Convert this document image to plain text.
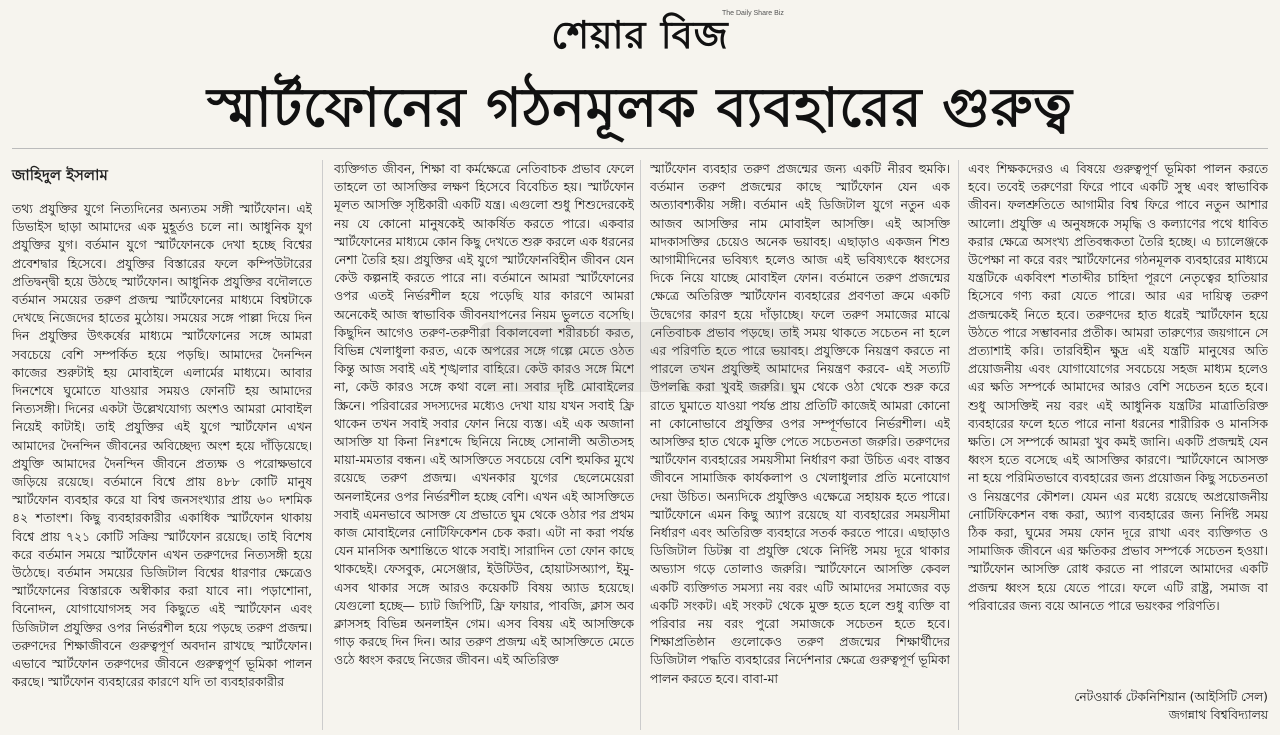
শেয়ার বিজ
The Daily Share Biz
স্মার্টফোনের গঠনমূলক ব্যবহারের গুরুত্ব
জাহিদুল ইসলাম
তথ্য প্রযুক্তির যুগে নিত্যদিনের অন্যতম সঙ্গী স্মার্টফোন। এই ডিভাইস ছাড়া আমাদের এক মুহূর্তও চলে না। আধুনিক যুগ প্রযুক্তির যুগ। বর্তমান যুগে স্মার্টফোনকে দেখা হচ্ছে বিশ্বের প্রবেশদ্বার হিসেবে। প্রযুক্তির বিস্তারের ফলে কম্পিউটারের প্রতিদ্বন্দ্বী হয়ে উঠছে স্মার্টফোন। আধুনিক প্রযুক্তির বদৌলতে বর্তমান সময়ের তরুণ প্রজন্ম স্মার্টফোনের মাধ্যমে বিশ্বটাকে দেখছে নিজেদের হাতের মুঠোয়। সময়ের সঙ্গে পাল্লা দিয়ে দিন দিন প্রযুক্তির উৎকর্ষের মাধ্যমে স্মার্টফোনের সঙ্গে আমরা সবচেয়ে বেশি সম্পর্কিত হয়ে পড়ছি। আমাদের দৈনন্দিন কাজের শুরুটাই হয় মোবাইলে এলার্মের মাধ্যমে। আবার দিনশেষে ঘুমোতে যাওয়ার সময়ও ফোনটি হয় আমাদের নিত্যসঙ্গী। দিনের একটা উল্লেখযোগ্য অংশও আমরা মোবাইল নিয়েই কাটাই। তাই প্রযুক্তির এই যুগে স্মার্টফোন এখন আমাদের দৈনন্দিন জীবনের অবিচ্ছেদ্য অংশ হয়ে দাঁড়িয়েছে। প্রযুক্তি আমাদের দৈনন্দিন জীবনে প্রত্যক্ষ ও পরোক্ষভাবে জড়িয়ে রয়েছে। বর্তমানে বিশ্বে প্রায় ৪৮৮ কোটি মানুষ স্মার্টফোন ব্যবহার করে যা বিশ্ব জনসংখ্যার প্রায় ৬০ দশমিক ৪২ শতাংশ। কিছু ব্যবহারকারীর একাধিক স্মার্টফোন থাকায় বিশ্বে প্রায় ৭২১ কোটি সক্রিয় স্মার্টফোন রয়েছে। তাই বিশেষ করে বর্তমান সময়ে স্মার্টফোন এখন তরুণদের নিত্যসঙ্গী হয়ে উঠেছে। বর্তমান সময়ের ডিজিটাল বিশ্বের ধারণার ক্ষেত্রেও স্মার্টফোনের বিস্তারকে অস্বীকার করা যাবে না। পড়াশোনা, বিনোদন, যোগাযোগসহ সব কিছুতে এই স্মার্টফোন এবং ডিজিটাল প্রযুক্তির ওপর নির্ভরশীল হয়ে পড়ছে তরুণ প্রজন্ম। তরুণদের শিক্ষাজীবনে গুরুত্বপূর্ণ অবদান রাখছে স্মার্টফোন। এভাবে স্মার্টফোন তরুণদের জীবনে গুরুত্বপূর্ণ ভূমিকা পালন করছে। স্মার্টফোন ব্যবহারের কারণে যদি তা ব্যবহারকারীর
ব্যক্তিগত জীবন, শিক্ষা বা কর্মক্ষেত্রে নেতিবাচক প্রভাব ফেলে তাহলে তা আসক্তির লক্ষণ হিসেবে বিবেচিত হয়। স্মার্টফোন মূলত আসক্তি সৃষ্টিকারী একটি যন্ত্র। এগুলো শুধু শিশুদেরকেই নয় যে কোনো মানুষকেই আকর্ষিত করতে পারে। একবার স্মার্টফোনের মাধ্যমে কোন কিছু দেখতে শুরু করলে এক ধরনের নেশা তৈরি হয়। প্রযুক্তির এই যুগে স্মার্টফোনবিহীন জীবন যেন কেউ কল্পনাই করতে পারে না। বর্তমানে আমরা স্মার্টফোনের ওপর এতই নির্ভরশীল হয়ে পড়েছি যার কারণে আমরা অনেকেই আজ স্বাভাবিক জীবনযাপনের নিয়ম ভুলতে বসেছি। কিছুদিন আগেও তরুণ-তরুণীরা বিকালবেলা শরীরচর্চা করত, বিভিন্ন খেলাধুলা করত, একে অপরের সঙ্গে গল্পে মেতে ওঠত কিন্তু আজ সবাই এই শৃঙ্খলার বাহিরে। কেউ কারও সঙ্গে মিশে না, কেউ কারও সঙ্গে কথা বলে না। সবার দৃষ্টি মোবাইলের স্ক্রিনে। পরিবারের সদস্যদের মধ্যেও দেখা যায় যখন সবাই ফ্রি থাকেন তখন সবাই সবার ফোন নিয়ে ব্যস্ত। এই এক অজানা আসক্তি যা কিনা নিঃশব্দে ছিনিয়ে নিচ্ছে সোনালী অতীতসহ মায়া-মমতার বন্ধন। এই আসক্তিতে সবচেয়ে বেশি হুমকির মুখে রয়েছে তরুণ প্রজন্ম। এখনকার যুগের ছেলেমেয়েরা অনলাইনের ওপর নির্ভরশীল হচ্ছে বেশি। এখন এই আসক্তিতে সবাই এমনভাবে আসক্ত যে প্রভাতে ঘুম থেকে ওঠার পর প্রথম কাজ মোবাইলের নোটিফিকেশন চেক করা। এটা না করা পর্যন্ত যেন মানসিক অশান্তিতে থাকে সবাই। সারাদিন তো ফোন কাছে থাকছেই। ফেসবুক, মেসেঞ্জার, ইউটিউব, হোয়াটসঅ্যাপ, ইমু- এসব থাকার সঙ্গে আরও কয়েকটি বিষয় অ্যাড হয়েছে। যেগুলো হচ্ছে— চ্যাট জিপিটি, ফ্রি ফায়ার, পাবজি, ক্লাস অব ক্লাসসহ বিভিন্ন অনলাইন গেম। এসব বিষয় এই আসক্তিকে গাড় করছে দিন দিন। আর তরুণ প্রজন্ম এই আসক্তিতে মেতে ওঠে ধ্বংস করছে নিজের জীবন। এই অতিরিক্ত
স্মার্টফোন ব্যবহার তরুণ প্রজন্মের জন্য একটি নীরব হুমকি। বর্তমান তরুণ প্রজন্মের কাছে স্মার্টফোন যেন এক অত্যাবশ্যকীয় সঙ্গী। বর্তমান এই ডিজিটাল যুগে নতুন এক আজব আসক্তির নাম মোবাইল আসক্তি। এই আসক্তি মাদকাসক্তির চেয়েও অনেক ভয়াবহ। এছাড়াও একজন শিশু আগামীদিনের ভবিষ্যৎ হলেও আজ এই ভবিষ্যৎকে ধ্বংসের দিকে নিয়ে যাচ্ছে মোবাইল ফোন। বর্তমানে তরুণ প্রজন্মের ক্ষেত্রে অতিরিক্ত স্মার্টফোন ব্যবহারের প্রবণতা ক্রমে একটি উদ্বেগের কারণ হয়ে দাঁড়াচ্ছে। ফলে তরুণ সমাজের মাঝে নেতিবাচক প্রভাব পড়ছে। তাই সময় থাকতে সচেতন না হলে এর পরিণতি হতে পারে ভয়াবহ। প্রযুক্তিকে নিয়ন্ত্রণ করতে না পারলে তখন প্রযুক্তিই আমাদের নিয়ন্ত্রণ করবে- এই সত্যটি উপলব্ধি করা খুবই জরুরি। ঘুম থেকে ওঠা থেকে শুরু করে রাতে ঘুমাতে যাওয়া পর্যন্ত প্রায় প্রতিটি কাজেই আমরা কোনো না কোনোভাবে প্রযুক্তির ওপর সম্পূর্ণভাবে নির্ভরশীল। এই আসক্তির হাত থেকে মুক্তি পেতে সচেতনতা জরুরি। তরুণদের স্মার্টফোন ব্যবহারের সময়সীমা নির্ধারণ করা উচিত এবং বাস্তব জীবনে সামাজিক কার্যকলাপ ও খেলাধুলার প্রতি মনোযোগ দেয়া উচিত। অন্যদিকে প্রযুক্তিও এক্ষেত্রে সহায়ক হতে পারে। স্মার্টফোনে এমন কিছু অ্যাপ রয়েছে যা ব্যবহারের সময়সীমা নির্ধারণ এবং অতিরিক্ত ব্যবহারে সতর্ক করতে পারে। এছাড়াও ডিজিটাল ডিটক্স বা প্রযুক্তি থেকে নির্দিষ্ট সময় দূরে থাকার অভ্যাস গড়ে তোলাও জরুরি। স্মার্টফোনে আসক্তি কেবল একটি ব্যক্তিগত সমস্যা নয় বরং এটি আমাদের সমাজের বড় একটি সংকট। এই সংকট থেকে মুক্ত হতে হলে শুধু ব্যক্তি বা পরিবার নয় বরং পুরো সমাজকে সচেতন হতে হবে। শিক্ষাপ্রতিষ্ঠান গুলোকেও তরুণ প্রজন্মের শিক্ষার্থীদের ডিজিটাল পদ্ধতি ব্যবহারের নির্দেশনার ক্ষেত্রে গুরুত্বপূর্ণ ভূমিকা পালন করতে হবে। বাবা-মা
এবং শিক্ষকদেরও এ বিষয়ে গুরুত্বপূর্ণ ভূমিকা পালন করতে হবে। তবেই তরুণেরা ফিরে পাবে একটি সুস্থ এবং স্বাভাবিক জীবন। ফলশ্রুতিতে আগামীর বিশ্ব ফিরে পাবে নতুন আশার আলো। প্রযুক্তি এ অনুষঙ্গকে সমৃদ্ধি ও কল্যাণের পথে ধাবিত করার ক্ষেত্রে অসংখ্য প্রতিবন্ধকতা তৈরি হচ্ছে। এ চ্যালেঞ্জকে উপেক্ষা না করে বরং স্মার্টফোনের গঠনমূলক ব্যবহারের মাধ্যমে যন্ত্রটিকে একবিংশ শতাব্দীর চাহিদা পূরণে নেতৃত্বের হাতিয়ার হিসেবে গণ্য করা যেতে পারে। আর এর দায়িত্ব তরুণ প্রজন্মকেই নিতে হবে। তরুণদের হাত ধরেই স্মার্টফোন হয়ে উঠতে পারে সম্ভাবনার প্রতীক। আমরা তারুণ্যের জয়গানে সে প্রত্যাশাই করি। তারবিহীন ক্ষুদ্র এই যন্ত্রটি মানুষের অতি প্রয়োজনীয় এবং যোগাযোগের সবচেয়ে সহজ মাধ্যম হলেও এর ক্ষতি সম্পর্কে আমাদের আরও বেশি সচেতন হতে হবে। শুধু আসক্তিই নয় বরং এই আধুনিক যন্ত্রটির মাত্রাতিরিক্ত ব্যবহারের ফলে হতে পারে নানা ধরনের শারীরিক ও মানসিক ক্ষতি। সে সম্পর্কে আমরা খুব কমই জানি। একটি প্রজন্মই যেন ধ্বংস হতে বসেছে এই আসক্তির কারণে। স্মার্টফোনে আসক্ত না হয়ে পরিমিতভাবে ব্যবহারের জন্য প্রয়োজন কিছু সচেতনতা ও নিয়ন্ত্রণের কৌশল। যেমন এর মধ্যে রয়েছে অপ্রয়োজনীয় নোটিফিকেশন বন্ধ করা, অ্যাপ ব্যবহারের জন্য নির্দিষ্ট সময় ঠিক করা, ঘুমের সময় ফোন দূরে রাখা এবং ব্যক্তিগত ও সামাজিক জীবনে এর ক্ষতিকর প্রভাব সম্পর্কে সচেতন হওয়া। স্মার্টফোন আসক্তি রোধ করতে না পারলে আমাদের একটি প্রজন্ম ধ্বংস হয়ে যেতে পারে। ফলে এটি রাষ্ট্র, সমাজ বা পরিবারের জন্য বয়ে আনতে পারে ভয়ংকর পরিণতি।
নেটওয়ার্ক টেকনিশিয়ান (আইসিটি সেল)
জগন্নাথ বিশ্ববিদ্যালয়
